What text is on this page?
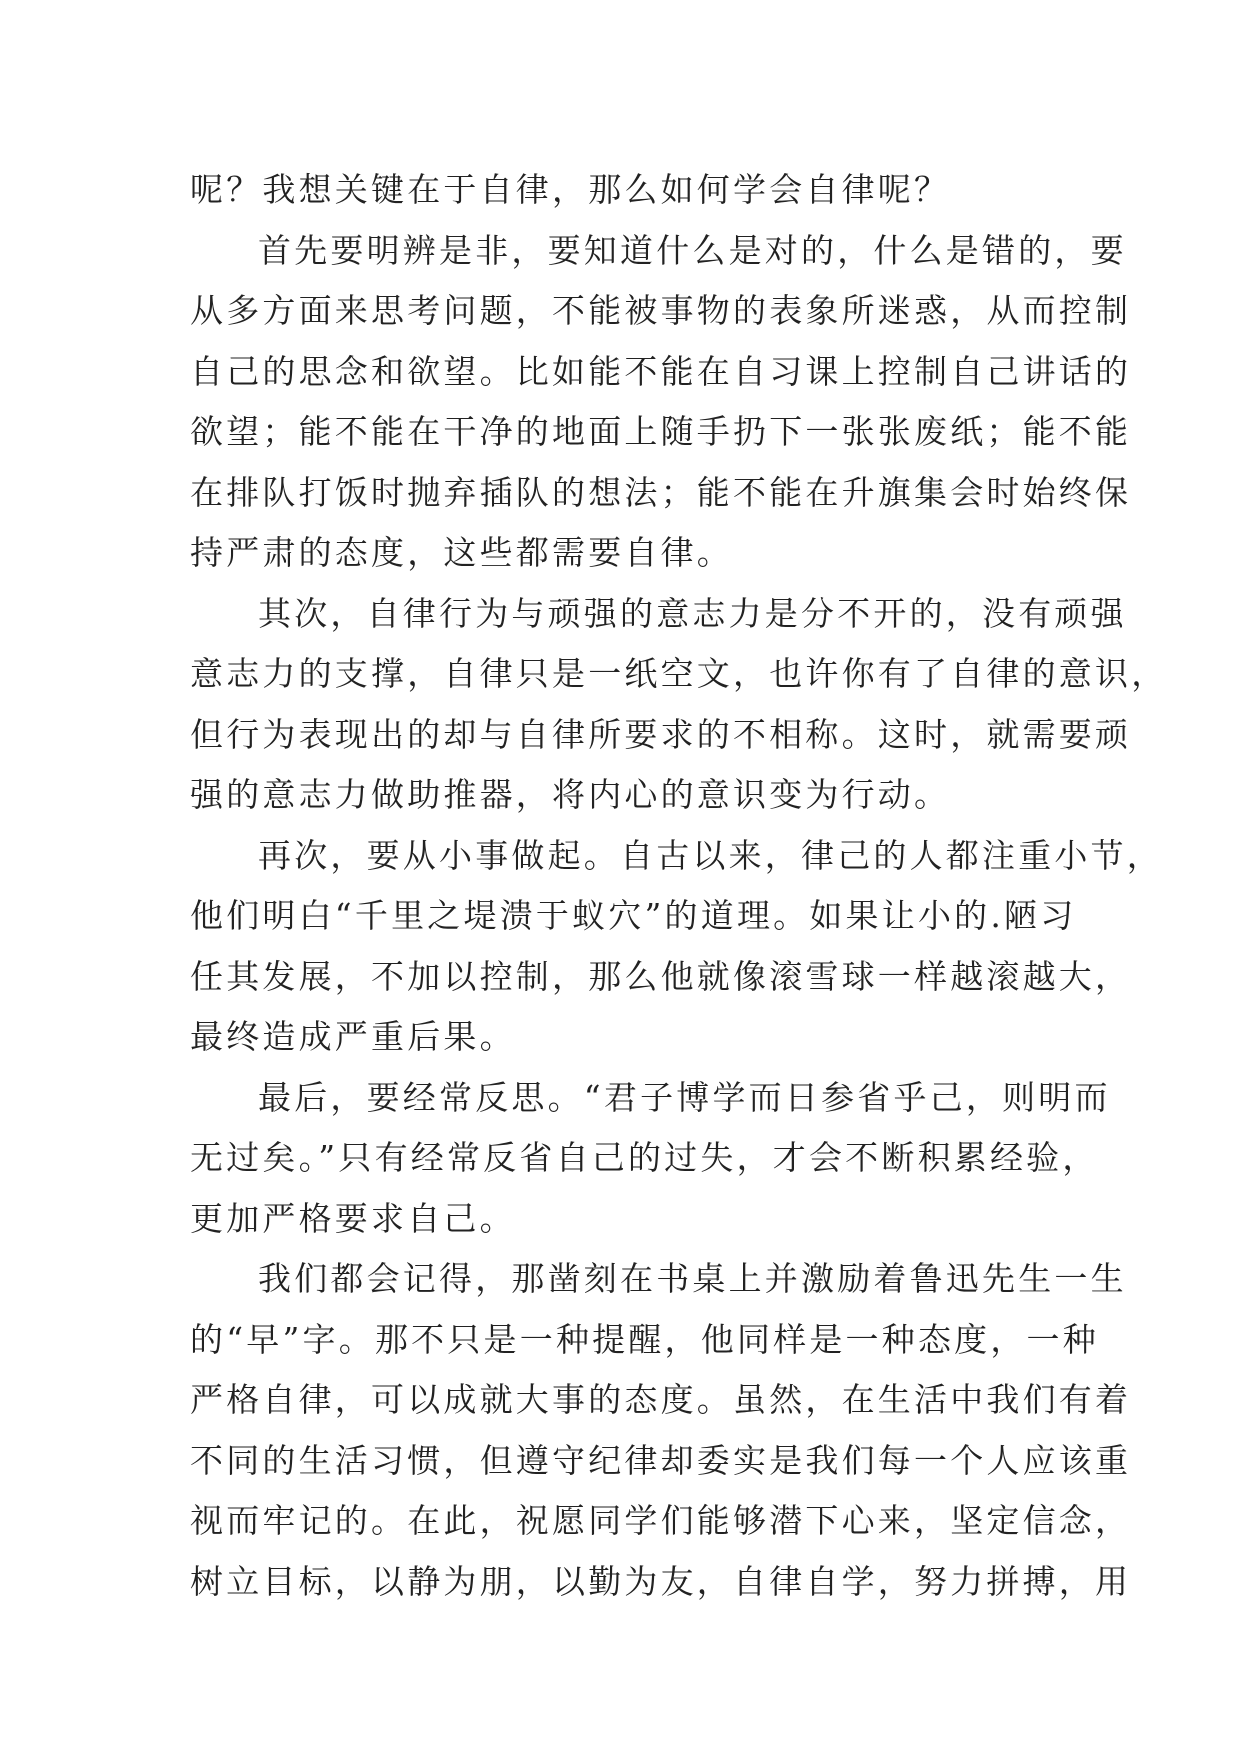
呢？我想关键在于自律，那么如何学会自律呢？
首先要明辨是非，要知道什么是对的，什么是错的，要
从多方面来思考问题，不能被事物的表象所迷惑，从而控制
自己的思念和欲望。比如能不能在自习课上控制自己讲话的
欲望；能不能在干净的地面上随手扔下一张张废纸；能不能
在排队打饭时抛弃插队的想法；能不能在升旗集会时始终保
持严肃的态度，这些都需要自律。
其次，自律行为与顽强的意志力是分不开的，没有顽强
意志力的支撑，自律只是一纸空文，也许你有了自律的意识，
但行为表现出的却与自律所要求的不相称。这时，就需要顽
强的意志力做助推器，将内心的意识变为行动。
再次，要从小事做起。自古以来，律己的人都注重小节，
他们明白“千里之堤溃于蚁穴”的道理。如果让小的.陋习
任其发展，不加以控制，那么他就像滚雪球一样越滚越大，
最终造成严重后果。
最后，要经常反思。“君子博学而日参省乎己，则明而
无过矣。”只有经常反省自己的过失，才会不断积累经验，
更加严格要求自己。
我们都会记得，那凿刻在书桌上并激励着鲁迅先生一生
的“早”字。那不只是一种提醒，他同样是一种态度，一种
严格自律，可以成就大事的态度。虽然，在生活中我们有着
不同的生活习惯，但遵守纪律却委实是我们每一个人应该重
视而牢记的。在此，祝愿同学们能够潜下心来，坚定信念，
树立目标，以静为朋，以勤为友，自律自学，努力拼搏，用
